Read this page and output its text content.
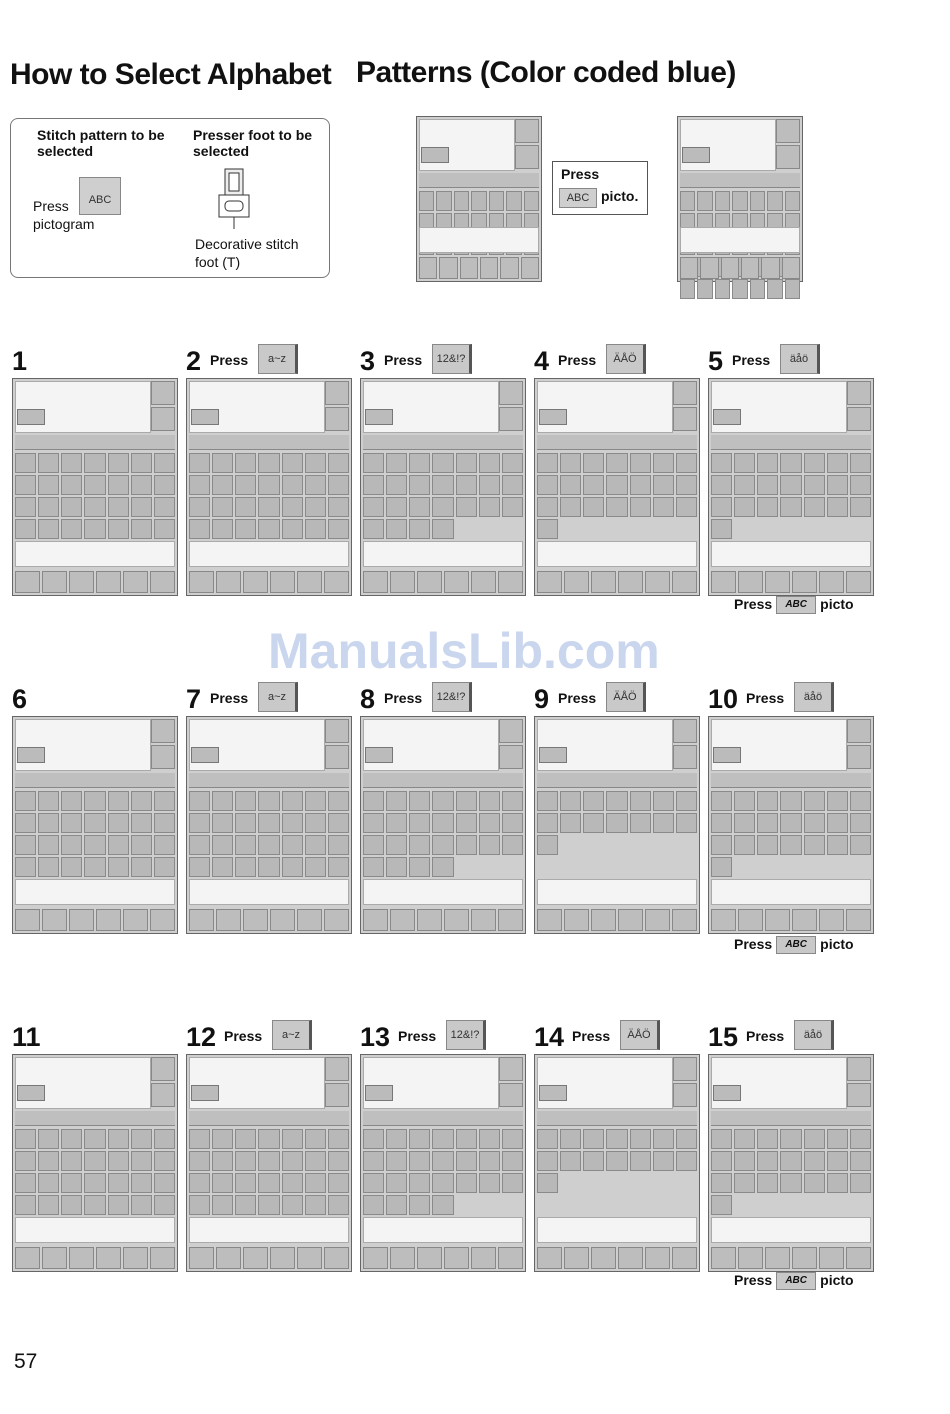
How to Select Alphabet Patterns (Color coded blue)
Stitch pattern to be selected
Presser foot to be selected
Press	ABC
pictogram
Decorative stitch foot (T)
Press
ABC picto.
ManualsLib.com
57
1	2 Press	a~z	3 Press	12&!?	4 Press	ÄÅÖ	5 Press	äåö
6	7 Press	a~z	8 Press	12&!?	9 Press	ÄÅÖ	10 Press	äåö
11	12 Press	a~z	13 Press	12&!? 14 Press	ÄÅÖ	15 Press	äåö
Press ABC picto
Press ABC picto
Press ABC picto
